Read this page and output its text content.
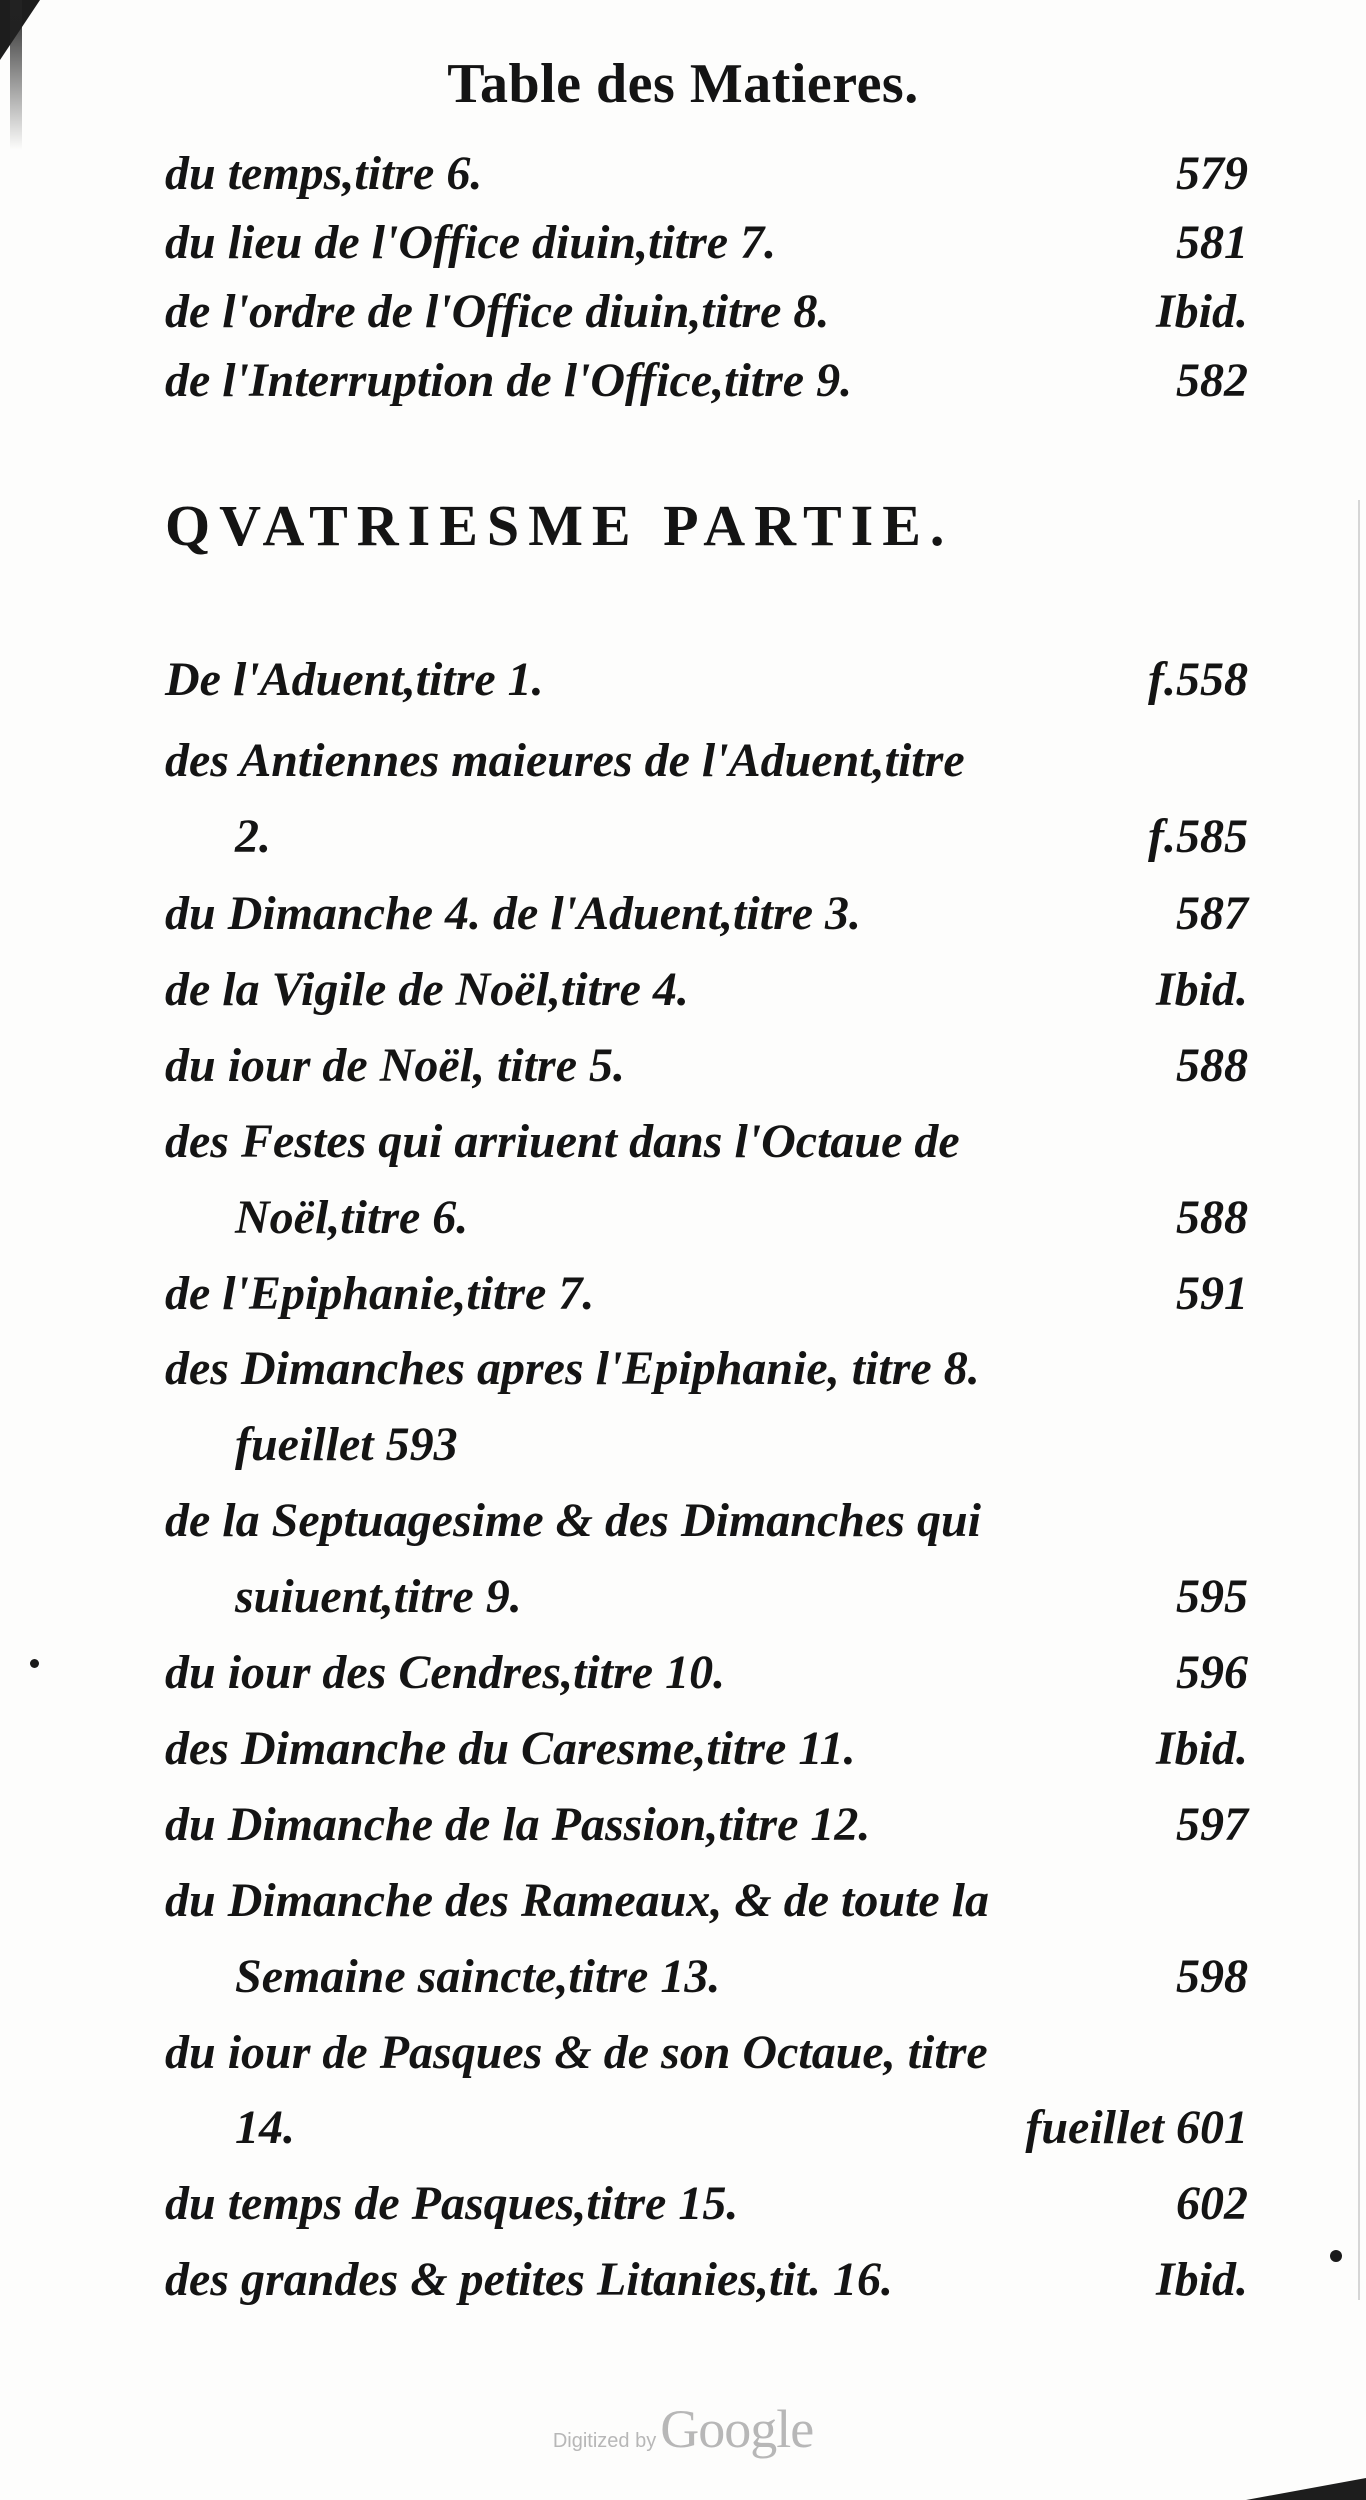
Table des Matieres.
du temps,titre 6.	579
du lieu de l'Office diuin,titre 7.	581
de l'ordre de l'Office diuin,titre 8.	Ibid.
de l'Interruption de l'Office,titre 9.	582
QVATRIESME PARTIE.
De l'Aduent,titre 1.	f.558
des Antiennes maieures de l'Aduent,titre
2.	f.585
du Dimanche 4. de l'Aduent,titre 3.	587
de la Vigile de Noël,titre 4.	Ibid.
du iour de Noël, titre 5.	588
des Festes qui arriuent dans l'Octaue de
Noël,titre 6.	588
de l'Epiphanie,titre 7.	591
des Dimanches apres l'Epiphanie, titre 8.
fueillet 593
de la Septuagesime & des Dimanches qui
suiuent,titre 9.	595
du iour des Cendres,titre 10.	596
des Dimanche du Caresme,titre 11.	Ibid.
du Dimanche de la Passion,titre 12.	597
du Dimanche des Rameaux, & de toute la
Semaine saincte,titre 13.	598
du iour de Pasques & de son Octaue, titre
14.	fueillet 601
du temps de Pasques,titre 15.	602
des grandes & petites Litanies,tit. 16.	Ibid.
Digitized by Google
